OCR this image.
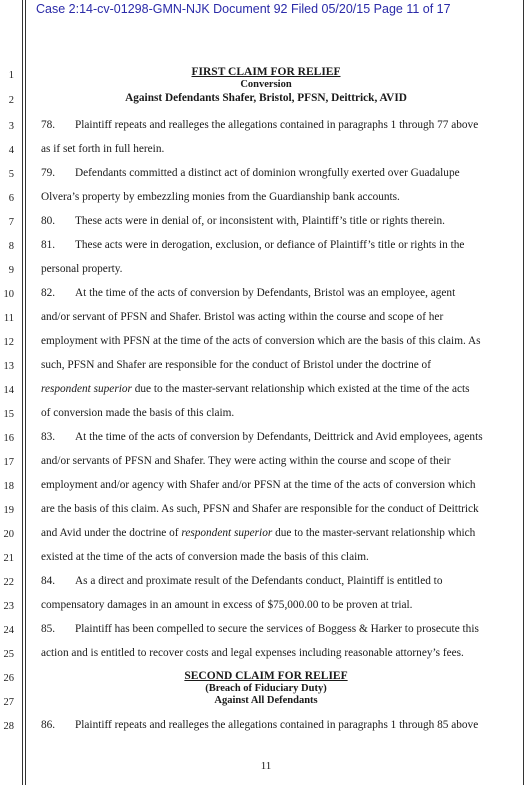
Case 2:14-cv-01298-GMN-NJK Document 92 Filed 05/20/15 Page 11 of 17
1
2
3
4
5
6
7
8
9
10
11
12
13
14
15
16
17
18
19
20
21
22
23
24
25
26
27
28
FIRST CLAIM FOR RELIEF
Conversion
Against Defendants Shafer, Bristol, PFSN, Deittrick, AVID
78. Plaintiff repeats and realleges the allegations contained in paragraphs 1 through 77 above
as if set forth in full herein.
79. Defendants committed a distinct act of dominion wrongfully exerted over Guadalupe
Olvera’s property by embezzling monies from the Guardianship bank accounts.
80. These acts were in denial of, or inconsistent with, Plaintiff’s title or rights therein.
81. These acts were in derogation, exclusion, or defiance of Plaintiff’s title or rights in the
personal property.
82. At the time of the acts of conversion by Defendants, Bristol was an employee, agent
and/or servant of PFSN and Shafer. Bristol was acting within the course and scope of her
employment with PFSN at the time of the acts of conversion which are the basis of this claim. As
such, PFSN and Shafer are responsible for the conduct of Bristol under the doctrine of
respondent superior due to the master-servant relationship which existed at the time of the acts
of conversion made the basis of this claim.
83. At the time of the acts of conversion by Defendants, Deittrick and Avid employees, agents
and/or servants of PFSN and Shafer. They were acting within the course and scope of their
employment and/or agency with Shafer and/or PFSN at the time of the acts of conversion which
are the basis of this claim. As such, PFSN and Shafer are responsible for the conduct of Deittrick
and Avid under the doctrine of respondent superior due to the master-servant relationship which
existed at the time of the acts of conversion made the basis of this claim.
84. As a direct and proximate result of the Defendants conduct, Plaintiff is entitled to
compensatory damages in an amount in excess of $75,000.00 to be proven at trial.
85. Plaintiff has been compelled to secure the services of Boggess & Harker to prosecute this
action and is entitled to recover costs and legal expenses including reasonable attorney’s fees.
SECOND CLAIM FOR RELIEF
(Breach of Fiduciary Duty)
Against All Defendants
86. Plaintiff repeats and realleges the allegations contained in paragraphs 1 through 85 above
11
